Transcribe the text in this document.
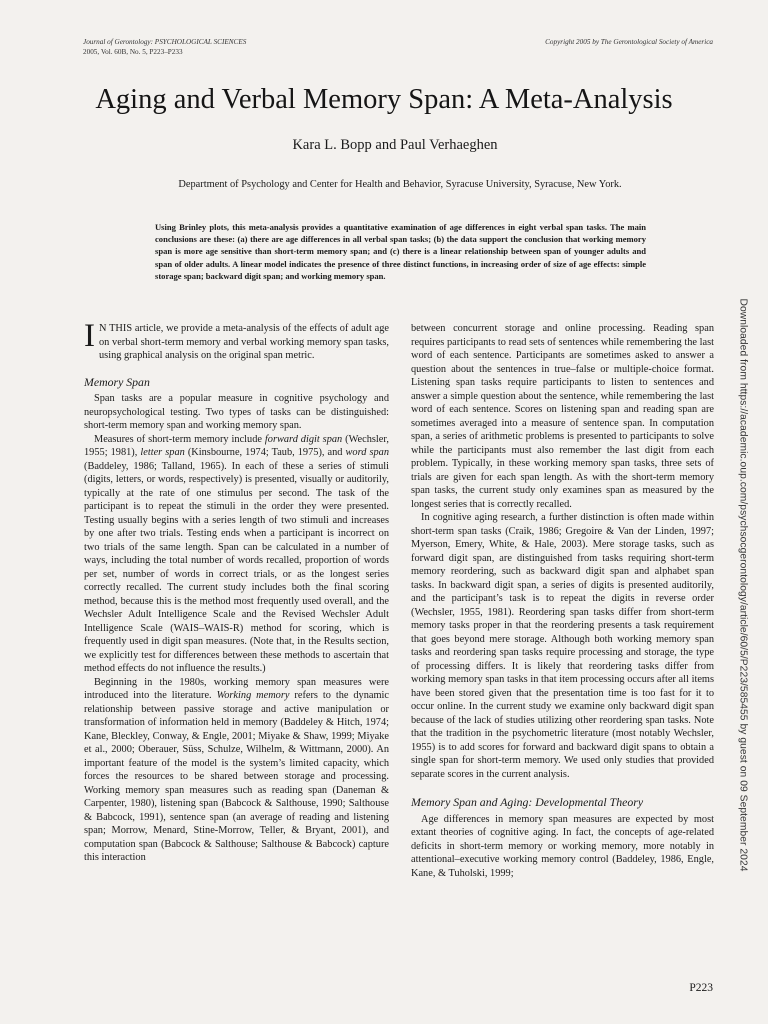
Journal of Gerontology: PSYCHOLOGICAL SCIENCES
2005, Vol. 60B, No. 5, P223–P233
Copyright 2005 by The Gerontological Society of America
Aging and Verbal Memory Span: A Meta-Analysis
Kara L. Bopp and Paul Verhaeghen
Department of Psychology and Center for Health and Behavior, Syracuse University, Syracuse, New York.
Using Brinley plots, this meta-analysis provides a quantitative examination of age differences in eight verbal span tasks. The main conclusions are these: (a) there are age differences in all verbal span tasks; (b) the data support the conclusion that working memory span is more age sensitive than short-term memory span; and (c) there is a linear relationship between span of younger adults and span of older adults. A linear model indicates the presence of three distinct functions, in increasing order of size of age effects: simple storage span; backward digit span; and working memory span.
Downloaded from https://academic.oup.com/psychsocgerontology/article/60/5/P223/585455 by guest on 09 September 2024

I N THIS article, we provide a meta-analysis of the effects of adult age on verbal short-term memory and verbal working memory span tasks, using graphical analysis on the original span metric.

Memory Span

Span tasks are a popular measure in cognitive psychology and neuropsychological testing. Two types of tasks can be distinguished: short-term memory span and working memory span.

Measures of short-term memory include forward digit span (Wechsler, 1955; 1981), letter span (Kinsbourne, 1974; Taub, 1975), and word span (Baddeley, 1986; Talland, 1965). In each of these a series of stimuli (digits, letters, or words, respectively) is presented, visually or auditorily, typically at the rate of one stimulus per second. The task of the participant is to repeat the stimuli in the order they were presented. Testing usually begins with a series length of two stimuli and increases by one after two trials. Testing ends when a participant is incorrect on two trials of the same length. Span can be calculated in a number of ways, including the total number of words recalled, proportion of words per set, number of words in correct trials, or as the longest series correctly recalled. The current study includes both the final scoring method, because this is the method most frequently used overall, and the Wechsler Adult Intelligence Scale and the Revised Wechsler Adult Intelligence Scale (WAIS–WAIS-R) method for scoring, which is frequently used in digit span measures. (Note that, in the Results section, we explicitly test for differences between these methods to ascertain that method effects do not influence the results.)

Beginning in the 1980s, working memory span measures were introduced into the literature. Working memory refers to the dynamic relationship between passive storage and active manipulation or transformation of information held in memory (Baddeley & Hitch, 1974; Kane, Bleckley, Conway, & Engle, 2001; Miyake & Shaw, 1999; Miyake et al., 2000; Oberauer, Süss, Schulze, Wilhelm, & Wittmann, 2000). An important feature of the model is the system’s limited capacity, which forces the resources to be shared between storage and processing. Working memory span measures such as reading span (Daneman & Carpenter, 1980), listening span (Babcock & Salthouse, 1990; Salthouse & Babcock, 1991), sentence span (an average of reading and listening span; Morrow, Menard, Stine-Morrow, Teller, & Bryant, 2001), and computation span (Babcock & Salthouse; Salthouse & Babcock) capture this interaction

between concurrent storage and online processing. Reading span requires participants to read sets of sentences while remembering the last word of each sentence. Participants are sometimes asked to answer a question about the sentences in true–false or multiple-choice format. Listening span tasks require participants to listen to sentences and answer a simple question about the sentence, while remembering the last word of each sentence. Scores on listening span and reading span are sometimes averaged into a measure of sentence span. In computation span, a series of arithmetic problems is presented to participants to solve while the participants must also remember the last digit from each problem. Typically, in these working memory span tasks, three sets of trials are given for each span length. As with the short-term memory span tasks, the current study only examines span as measured by the longest series that is correctly recalled.

In cognitive aging research, a further distinction is often made within short-term span tasks (Craik, 1986; Gregoire & Van der Linden, 1997; Myerson, Emery, White, & Hale, 2003). Mere storage tasks, such as forward digit span, are distinguished from tasks requiring short-term memory reordering, such as backward digit span and alphabet span tasks. In backward digit span, a series of digits is presented auditorily, and the participant’s task is to repeat the digits in reverse order (Wechsler, 1955, 1981). Reordering span tasks differ from short-term memory tasks proper in that the reordering presents a task requirement that goes beyond mere storage. Although both working memory span tasks and reordering span tasks require processing and storage, the type of processing differs. It is likely that reordering tasks differ from working memory span tasks in that item processing occurs after all items have been stored given that the presentation time is too fast for it to occur online. In the current study we examine only backward digit span because of the lack of studies utilizing other reordering span tasks. Note that the tradition in the psychometric literature (most notably Wechsler, 1955) is to add scores for forward and backward digit spans to obtain a single span for short-term memory. We used only studies that provided separate scores in the current analysis.

Memory Span and Aging: Developmental Theory

Age differences in memory span measures are expected by most extant theories of cognitive aging. In fact, the concepts of age-related deficits in short-term memory or working memory, more notably in attentional–executive working memory control (Baddeley, 1986, Engle, Kane, & Tuholski, 1999;

P223
